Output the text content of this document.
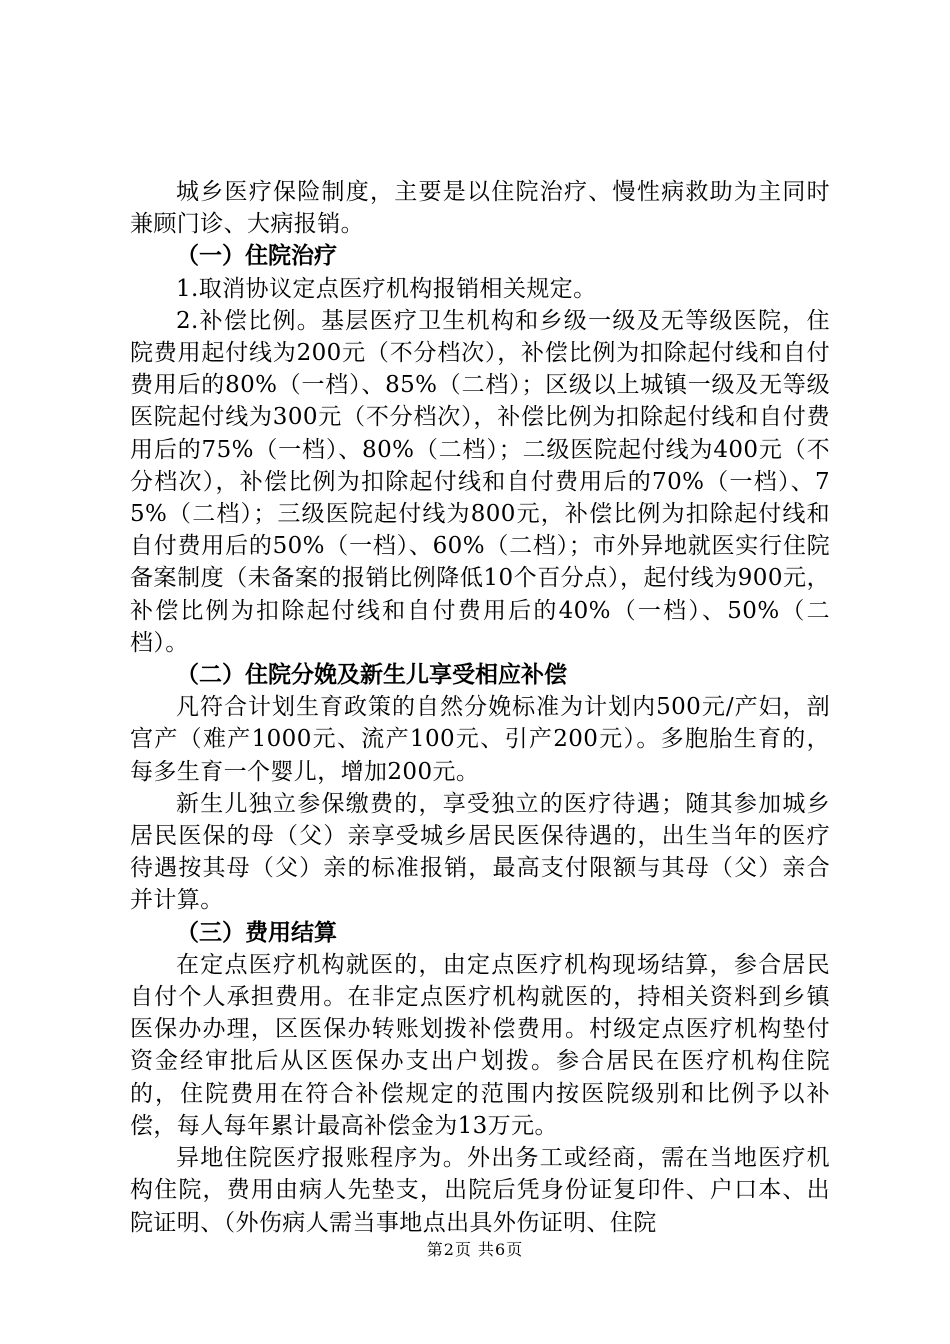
城乡医疗保险制度，主要是以住院治疗、慢性病救助为主同时兼顾门诊、大病报销。

（一）住院治疗

1.取消协议定点医疗机构报销相关规定。

2.补偿比例。基层医疗卫生机构和乡级一级及无等级医院，住院费用起付线为200元（不分档次），补偿比例为扣除起付线和自付费用后的80%（一档）、85%（二档）；区级以上城镇一级及无等级医院起付线为300元（不分档次），补偿比例为扣除起付线和自付费用后的75%（一档）、80%（二档）；二级医院起付线为400元（不分档次），补偿比例为扣除起付线和自付费用后的70%（一档）、75%（二档）；三级医院起付线为800元，补偿比例为扣除起付线和自付费用后的50%（一档）、60%（二档）；市外异地就医实行住院备案制度（未备案的报销比例降低10个百分点），起付线为900元，补偿比例为扣除起付线和自付费用后的40%（一档）、50%（二档）。

（二）住院分娩及新生儿享受相应补偿

凡符合计划生育政策的自然分娩标准为计划内500元/产妇，剖宫产（难产1000元、流产100元、引产200元）。多胞胎生育的，每多生育一个婴儿，增加200元。

新生儿独立参保缴费的，享受独立的医疗待遇；随其参加城乡居民医保的母（父）亲享受城乡居民医保待遇的，出生当年的医疗待遇按其母（父）亲的标准报销，最高支付限额与其母（父）亲合并计算。

（三）费用结算

在定点医疗机构就医的，由定点医疗机构现场结算，参合居民自付个人承担费用。在非定点医疗机构就医的，持相关资料到乡镇医保办办理，区医保办转账划拨补偿费用。村级定点医疗机构垫付资金经审批后从区医保办支出户划拨。参合居民在医疗机构住院的，住院费用在符合补偿规定的范围内按医院级别和比例予以补偿，每人每年累计最高补偿金为13万元。

异地住院医疗报账程序为。外出务工或经商，需在当地医疗机构住院，费用由病人先垫支，出院后凭身份证复印件、户口本、出院证明、（外伤病人需当事地点出具外伤证明、住院

第2页 共6页
